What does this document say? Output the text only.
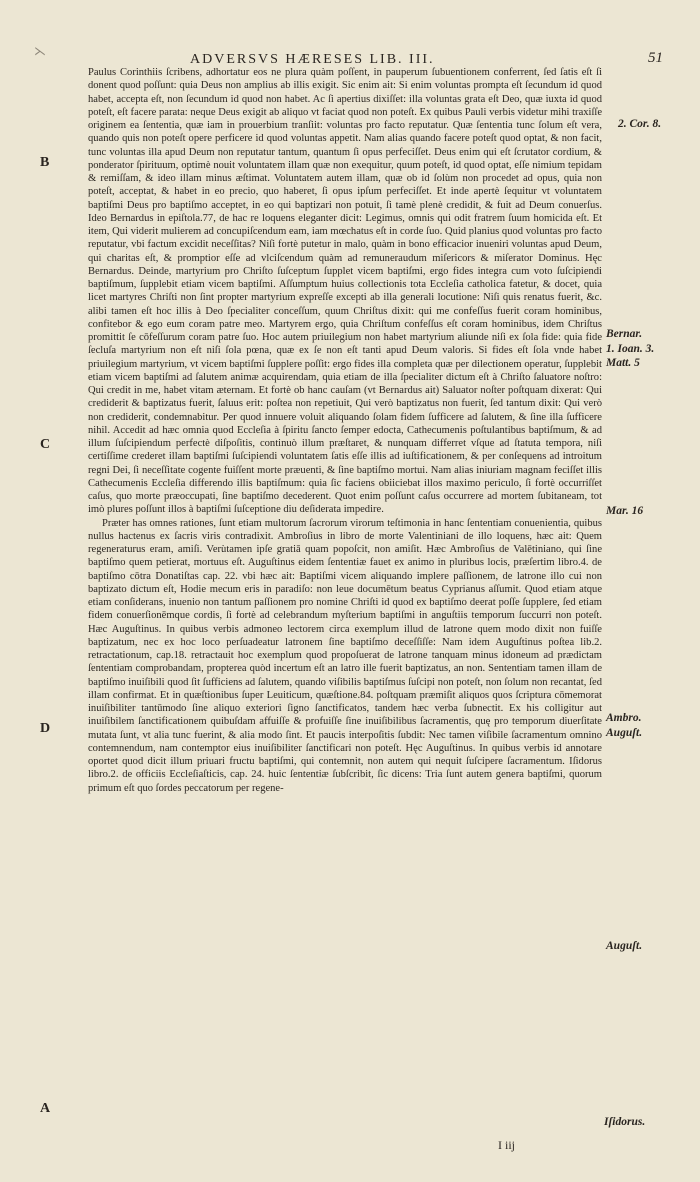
⋋
ADVERSVS HÆRESES LIB. III.	51

Paulus Corinthiis ſcribens, adhortatur eos ne plura quàm poſſent, in pauperum ſubuentionem conferrent, ſed ſatis eſt ſi donent quod poſſunt: quia Deus non amplius ab illis exigit. Sic enim ait: Si enim voluntas prompta eſt ſecundum id quod habet, accepta eſt, non ſecundum id quod non habet. Ac ſi apertius dixiſſet: illa voluntas grata eſt Deo, quæ iuxta id quod poteſt, eſt facere parata: neque Deus exigit ab aliquo vt faciat quod non poteſt. Ex quibus Pauli verbis videtur mihi traxiſſe originem ea ſententia, quæ iam in prouerbium tranſiit: voluntas pro facto reputatur. Quæ ſententia tunc ſolum eſt vera, quando quis non poteſt opere perficere id quod voluntas appetit. Nam alias quando facere poteſt quod optat, & non facit, tunc voluntas illa apud Deum non reputatur tantum, quantum ſi opus perfeciſſet. Deus enim qui eſt ſcrutator cordium, & ponderator ſpirituum, optimè nouit voluntatem illam quæ non exequitur, quum poteſt, id quod optat, eſſe nimium tepidam & remiſſam, & ideo illam minus æſtimat. Voluntatem autem illam, quæ ob id ſolùm non procedet ad opus, quia non poteſt, acceptat, & habet in eo precio, quo haberet, ſi opus ipſum perfeciſſet. Et inde apertè ſequitur vt voluntatem baptiſmi Deus pro baptiſmo acceptet, in eo qui baptizari non potuit, ſi tamè plenè credidit, & fuit ad Deum conuerſus. Ideo Bernardus in epiſtola.77, de hac re loquens eleganter dicit: Legimus, omnis qui odit fratrem ſuum homicida eſt. Et item, Qui viderit mulierem ad concupiſcendum eam, iam mœchatus eſt in corde ſuo. Quid planius quod voluntas pro facto reputatur, vbi factum excidit neceſſitas? Niſi fortè putetur in malo, quàm in bono efficacior inueniri voluntas apud Deum, qui charitas eſt, & promptior eſſe ad vlciſcendum quàm ad remuneraudum miſericors & miſerator Dominus. Hęc Bernardus. Deinde, martyrium pro Chriſto ſuſceptum ſupplet vicem baptiſmi, ergo fides integra cum voto ſuſcipiendi baptiſmum, ſupplebit etiam vicem baptiſmi. Aſſumptum huius collectionis tota Eccleſia catholica fatetur, & docet, quia licet martyres Chriſti non ſint propter martyrium expreſſe excepti ab illa generali locutione: Niſi quis renatus fuerit, &c. alibi tamen eſt hoc illis à Deo ſpecialiter conceſſum, quum Chriſtus dixit: qui me confeſſus fuerit coram hominibus, confitebor & ego eum coram patre meo. Martyrem ergo, quia Chriſtum confeſſus eſt coram hominibus, idem Chriſtus promittit ſe cōfeſſurum coram patre ſuo. Hoc autem priuilegium non habet martyrium aliunde niſi ex ſola fide: quia fide ſecluſa martyrium non eſt niſi ſola pœna, quæ ex ſe non eſt tanti apud Deum valoris. Si fides eſt ſola vnde habet priuilegium martyrium, vt vicem baptiſmi ſupplere poſſit: ergo fides illa completa quæ per dilectionem operatur, ſupplebit etiam vicem baptiſmi ad ſalutem animæ acquirendam, quia etiam de illa ſpecialiter dictum eſt à Chriſto ſaluatore noſtro: Qui credit in me, habet vitam æternam. Et fortè ob hanc cauſam (vt Bernardus ait) Saluator noſter poſtquam dixerat: Qui crediderit & baptizatus fuerit, ſaluus erit: poſtea non repetiuit, Qui verò baptizatus non fuerit, ſed tantum dixit: Qui verò non crediderit, condemnabitur. Per quod innuere voluit aliquando ſolam fidem ſufficere ad ſalutem, & ſine illa ſufficere nihil. Accedit ad hæc omnia quod Eccleſia à ſpiritu ſancto ſemper edocta, Cathecumenis poſtulantibus baptiſmum, & ad illum ſuſcipiendum perfectè diſpoſitis, continuò illum præſtaret, & nunquam differret vſque ad ſtatuta tempora, niſi certiſſime crederet illam baptiſmi ſuſcipiendi voluntatem ſatis eſſe illis ad iuſtificationem, & per conſequens ad introitum regni Dei, ſi neceſſitate cogente fuiſſent morte præuenti, & ſine baptiſmo mortui. Nam alias iniuriam magnam feciſſet illis Cathecumenis Eccleſia differendo illis baptiſmum: quia ſic faciens obiiciebat illos maximo periculo, ſi fortè occurriſſet caſus, quo morte præoccupati, ſine baptiſmo decederent. Quot enim poſſunt caſus occurrere ad mortem ſubitaneam, tot imò plures poſſunt illos à baptiſmi ſuſceptione diu deſiderata impedire.

Præter has omnes rationes, ſunt etiam multorum ſacrorum virorum teſtimonia in hanc ſententiam conuenientia, quibus nullus hactenus ex ſacris viris contradixit. Ambroſius in libro de morte Valentiniani de illo loquens, hæc ait: Quem regeneraturus eram, amiſi. Verùtamen ipſe gratiā quam popoſcit, non amiſit. Hæc Ambroſius de Valētiniano, qui ſine baptiſmo quem petierat, mortuus eſt. Auguſtinus eidem ſententiæ fauet ex animo in pluribus locis, præſertim libro.4. de baptiſmo cōtra Donatiſtas cap. 22. vbi hæc ait: Baptiſmi vicem aliquando implere paſſionem, de latrone illo cui non baptizato dictum eſt, Hodie mecum eris in paradiſo: non leue documētum beatus Cyprianus aſſumit. Quod etiam atque etiam conſiderans, inuenio non tantum paſſionem pro nomine Chriſti id quod ex baptiſmo deerat poſſe ſupplere, ſed etiam fidem conuerſionēmque cordis, ſi fortè ad celebrandum myſterium baptiſmi in anguſtiis temporum ſuccurri non poteſt. Hæc Auguſtinus. In quibus verbis admoneo lectorem circa exemplum illud de latrone quem modo dixit non fuiſſe baptizatum, nec ex hoc loco perſuadeatur latronem ſine baptiſmo deceſſiſſe: Nam idem Auguſtinus poſtea lib.2. retractationum, cap.18. retractauit hoc exemplum quod propoſuerat de latrone tanquam minus idoneum ad prædictam ſententiam comprobandam, propterea quòd incertum eſt an latro ille fuerit baptizatus, an non. Sententiam tamen illam de baptiſmo inuiſibili quod ſit ſufficiens ad ſalutem, quando viſibilis baptiſmus ſuſcipi non poteſt, non ſolum non recantat, ſed illam confirmat. Et in quæſtionibus ſuper Leuiticum, quæſtione.84. poſtquam præmiſit aliquos quos ſcriptura cōmemorat inuiſibiliter tantūmodo ſine aliquo exteriori ſigno ſanctificatos, tandem hæc verba ſubnectit. Ex his colligitur aut inuiſibilem ſanctificationem quibuſdam affuiſſe & profuiſſe ſine inuiſibilibus ſacramentis, quę pro temporum diuerſitate mutata ſunt, vt alia tunc fuerint, & alia modo ſint. Et paucis interpoſitis ſubdit: Nec tamen viſibile ſacramentum omnino contemnendum, nam contemptor eius inuiſibiliter ſanctificari non poteſt. Hęc Auguſtinus. In quibus verbis id annotare oportet quod dicit illum priuari fructu baptiſmi, qui contemnit, non autem qui nequit ſuſcipere ſacramentum. Iſidorus libro.2. de officiis Eccleſiaſticis, cap. 24. huic ſententiæ ſubſcribit, ſic dicens: Tria ſunt autem genera baptiſmi, quorum primum eſt quo ſordes peccatorum per regene-

2. Cor. 8.
Bernar.
1. Ioan. 3.
Matt. 5
Mar. 16
Ambro.
Auguſt.
Auguſt.
Iſidorus.
B
C
D
A
I iij
